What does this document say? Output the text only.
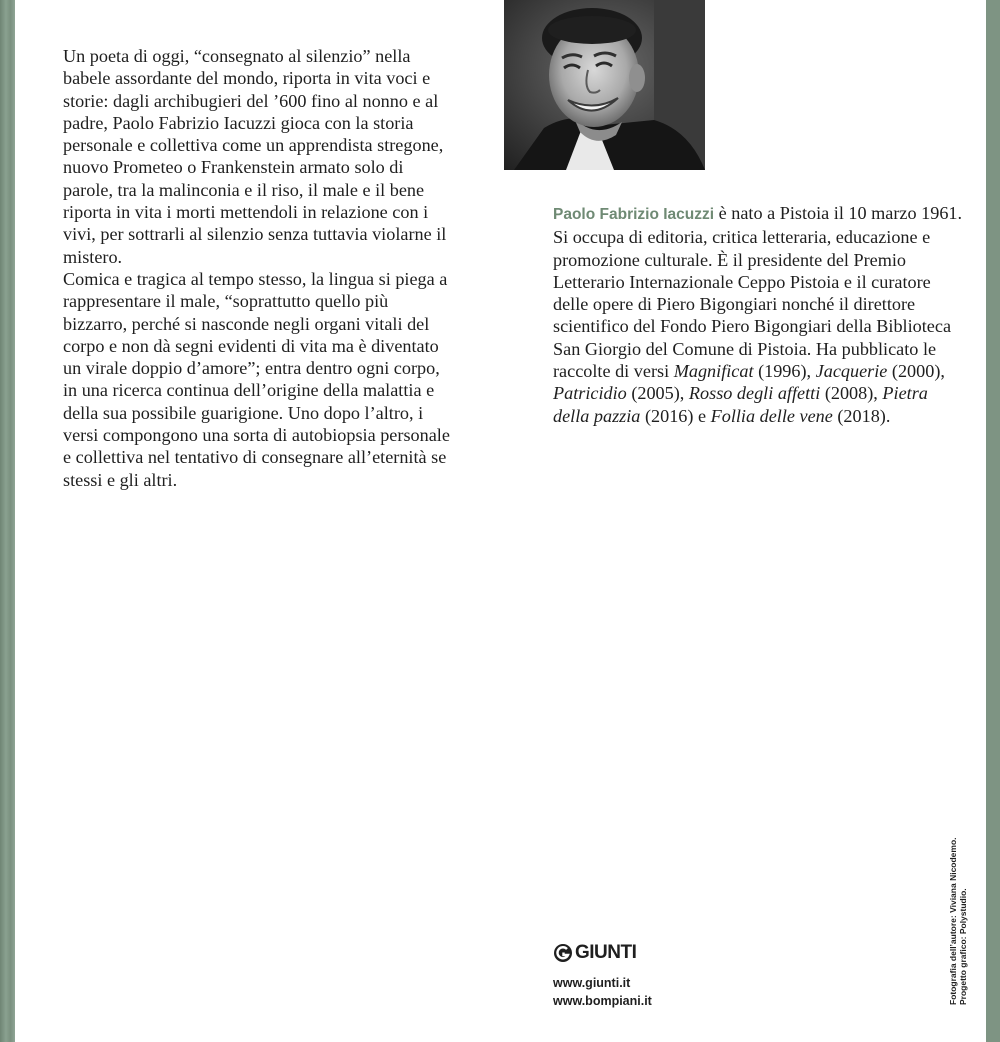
Un poeta di oggi, “consegnato al silenzio” nella babele assordante del mondo, riporta in vita voci e storie: dagli archibugieri del ’600 fino al nonno e al padre, Paolo Fabrizio Iacuzzi gioca con la storia personale e collettiva come un apprendista stregone, nuovo Prometeo o Frankenstein armato solo di parole, tra la malinconia e il riso, il male e il bene riporta in vita i morti mettendoli in relazione con i vivi, per sottrarli al silenzio senza tuttavia violarne il mistero.

Comica e tragica al tempo stesso, la lingua si piega a rappresentare il male, “soprattutto quello più bizzarro, perché si nasconde negli organi vitali del corpo e non dà segni evidenti di vita ma è diventato un virale doppio d’amore”; entra dentro ogni corpo, in una ricerca continua dell’origine della malattia e della sua possibile guarigione. Uno dopo l’altro, i versi compongono una sorta di autobiopsia personale e collettiva nel tentativo di consegnare all’eternità se stessi e gli altri.

Paolo Fabrizio Iacuzzi è nato a Pistoia il 10 marzo 1961. Si occupa di editoria, critica letteraria, educazione e promozione culturale. È il presidente del Premio Letterario Internazionale Ceppo Pistoia e il curatore delle opere di Piero Bigongiari nonché il direttore scientifico del Fondo Piero Bigongiari della Biblioteca San Giorgio del Comune di Pistoia. Ha pubblicato le raccolte di versi Magnificat (1996), Jacquerie (2000), Patricidio (2005), Rosso degli affetti (2008), Pietra della pazzia (2016) e Follia delle vene (2018).
GIUNTI
www.giunti.it
www.bompiani.it	Fotografia dell’autore: Viviana Nicodemo. Progetto grafico: Polystudio.
